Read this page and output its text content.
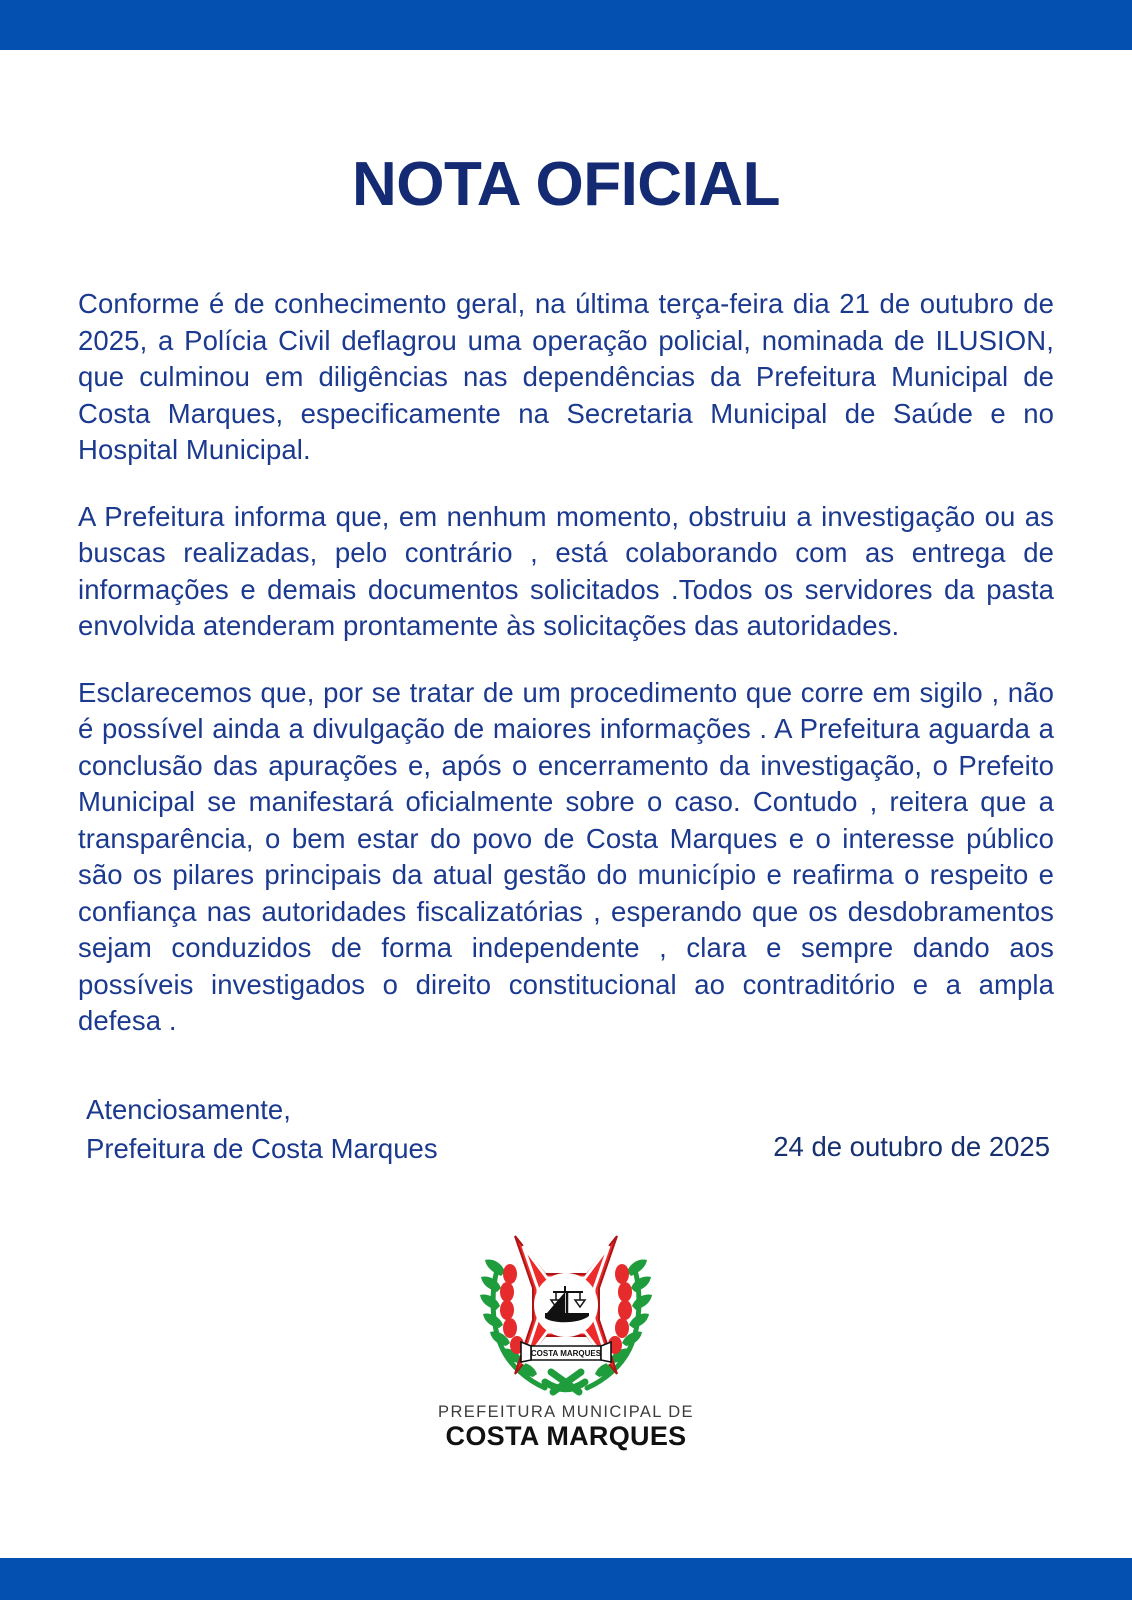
NOTA OFICIAL

Conforme é de conhecimento geral, na última terça-feira dia 21 de outubro de 2025, a Polícia Civil deflagrou uma operação policial, nominada de ILUSION, que culminou em diligências nas dependências da Prefeitura Municipal de Costa Marques, especificamente na Secretaria Municipal de Saúde e no Hospital Municipal.

A Prefeitura informa que, em nenhum momento, obstruiu a investigação ou as buscas realizadas, pelo contrário , está colaborando com as entrega de informações e demais documentos solicitados .Todos os servidores da pasta envolvida atenderam prontamente às solicitações das autoridades.

Esclarecemos que, por se tratar de um procedimento que corre em sigilo , não é possível ainda a divulgação de maiores informações . A Prefeitura aguarda a conclusão das apurações e, após o encerramento da investigação, o Prefeito Municipal se manifestará oficialmente sobre o caso. Contudo , reitera que a transparência, o bem estar do povo de Costa Marques e o interesse público são os pilares principais da atual gestão do município e reafirma o respeito e confiança nas autoridades fiscalizatórias , esperando que os desdobramentos sejam conduzidos de forma independente , clara e sempre dando aos possíveis investigados o direito constitucional ao contraditório e a ampla defesa .

Atenciosamente,
Prefeitura de Costa Marques	24 de outubro de 2025
COSTA MARQUES
PREFEITURA MUNICIPAL DE
COSTA MARQUES
